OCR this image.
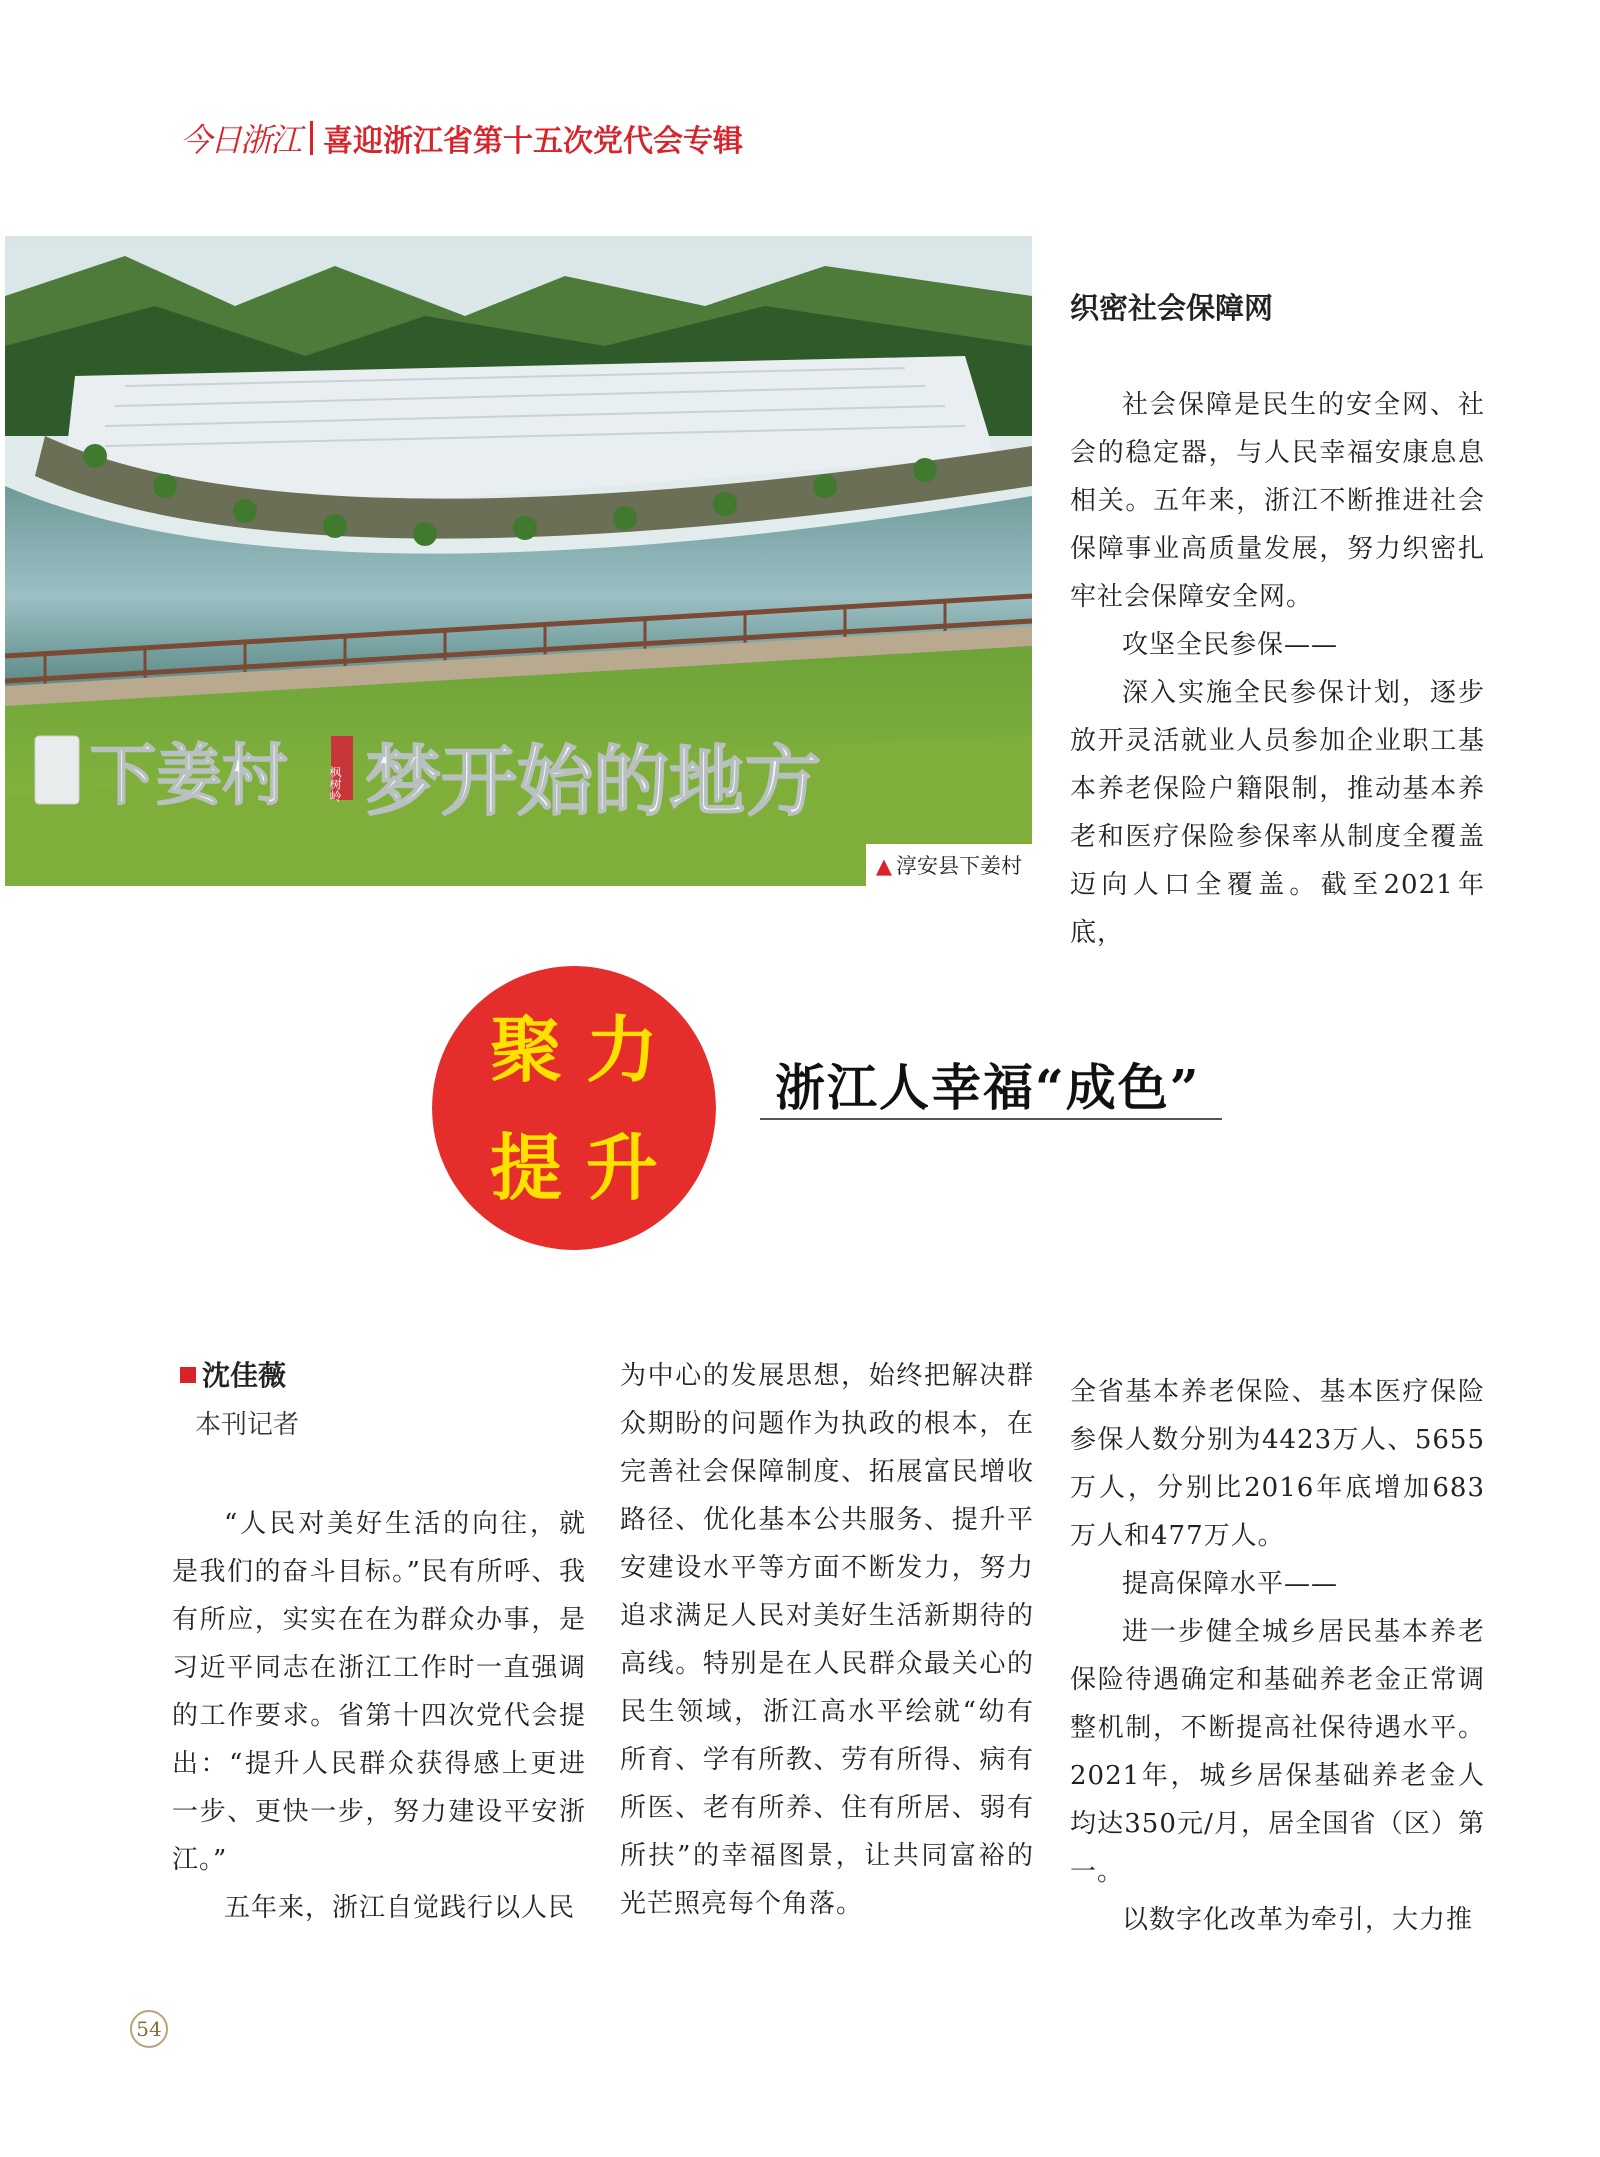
今日浙江 喜迎浙江省第十五次党代会专辑
下姜村 梦开始的地方
枫树岭
▲ 淳安县下姜村
织密社会保障网

社会保障是民生的安全网、社会的稳定器，与人民幸福安康息息相关。五年来，浙江不断推进社会保障事业高质量发展，努力织密扎牢社会保障安全网。

攻坚全民参保——

深入实施全民参保计划，逐步放开灵活就业人员参加企业职工基本养老保险户籍限制，推动基本养老和医疗保险参保率从制度全覆盖迈向人口全覆盖。截至2021年底，

聚力
提升
浙江人幸福“成色”
沈佳薇
本刊记者

“人民对美好生活的向往，就是我们的奋斗目标。”民有所呼、我有所应，实实在在为群众办事，是习近平同志在浙江工作时一直强调的工作要求。省第十四次党代会提出：“提升人民群众获得感上更进一步、更快一步，努力建设平安浙江。”

五年来，浙江自觉践行以人民

为中心的发展思想，始终把解决群众期盼的问题作为执政的根本，在完善社会保障制度、拓展富民增收路径、优化基本公共服务、提升平安建设水平等方面不断发力，努力追求满足人民对美好生活新期待的高线。特别是在人民群众最关心的民生领域，浙江高水平绘就“幼有所育、学有所教、劳有所得、病有所医、老有所养、住有所居、弱有所扶”的幸福图景，让共同富裕的光芒照亮每个角落。

全省基本养老保险、基本医疗保险参保人数分别为4423万人、5655万人，分别比2016年底增加683万人和477万人。

提高保障水平——

进一步健全城乡居民基本养老保险待遇确定和基础养老金正常调整机制，不断提高社保待遇水平。2021年，城乡居保基础养老金人均达350元/月，居全国省（区）第一。

以数字化改革为牵引，大力推

54
